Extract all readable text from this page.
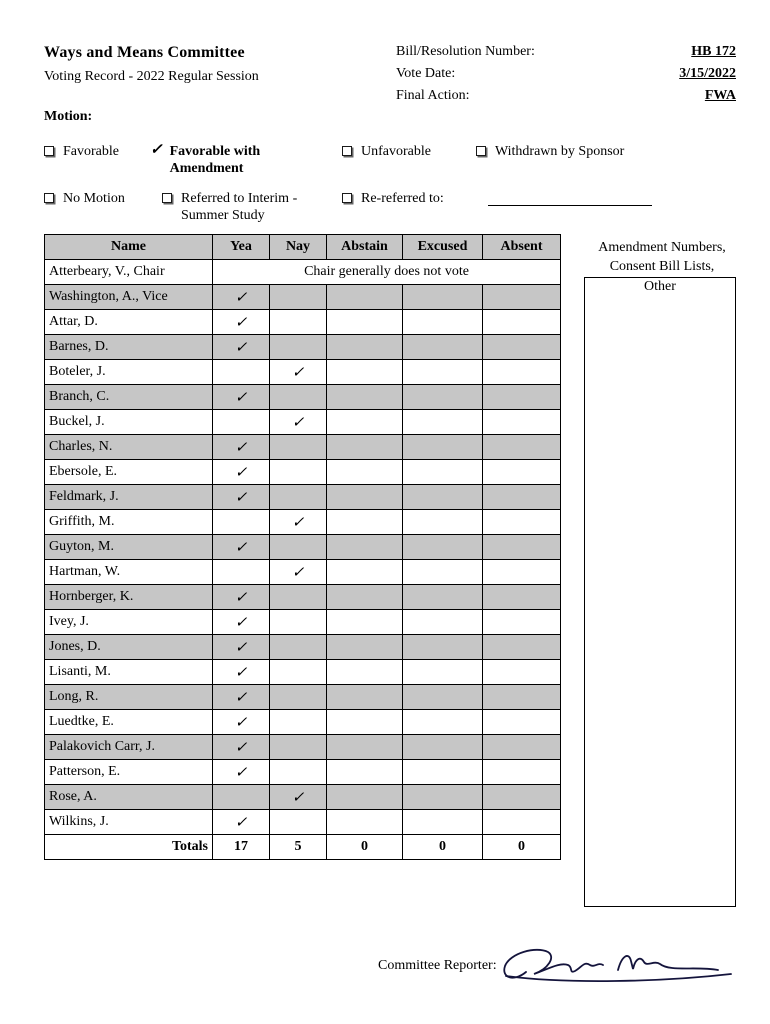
Ways and Means Committee
Voting Record - 2022 Regular Session
Bill/Resolution Number:	HB 172
Vote Date:	3/15/2022
Final Action:	FWA
Motion:
Favorable ✓ Favorable with Amendment
Unfavorable	Withdrawn by Sponsor
No Motion	Referred to Interim - Summer Study
Re-referred to:
Name	Yea	Nay	Abstain	Excused	Absent
Atterbeary, V., Chair	Chair generally does not vote				
Washington, A., Vice	✓				
Attar, D.	✓				
Barnes, D.	✓				
Boteler, J.		✓			
Branch, C.	✓				
Buckel, J.		✓			
Charles, N.	✓				
Ebersole, E.	✓				
Feldmark, J.	✓				
Griffith, M.		✓			
Guyton, M.	✓				
Hartman, W.		✓			
Hornberger, K.	✓				
Ivey, J.	✓				
Jones, D.	✓				
Lisanti, M.	✓				
Long, R.	✓				
Luedtke, E.	✓				
Palakovich Carr, J.	✓				
Patterson, E.	✓				
Rose, A.		✓			
Wilkins, J.	✓				
Totals	17	5	0	0	0
Amendment Numbers,
Consent Bill Lists,
Other
Committee Reporter:
